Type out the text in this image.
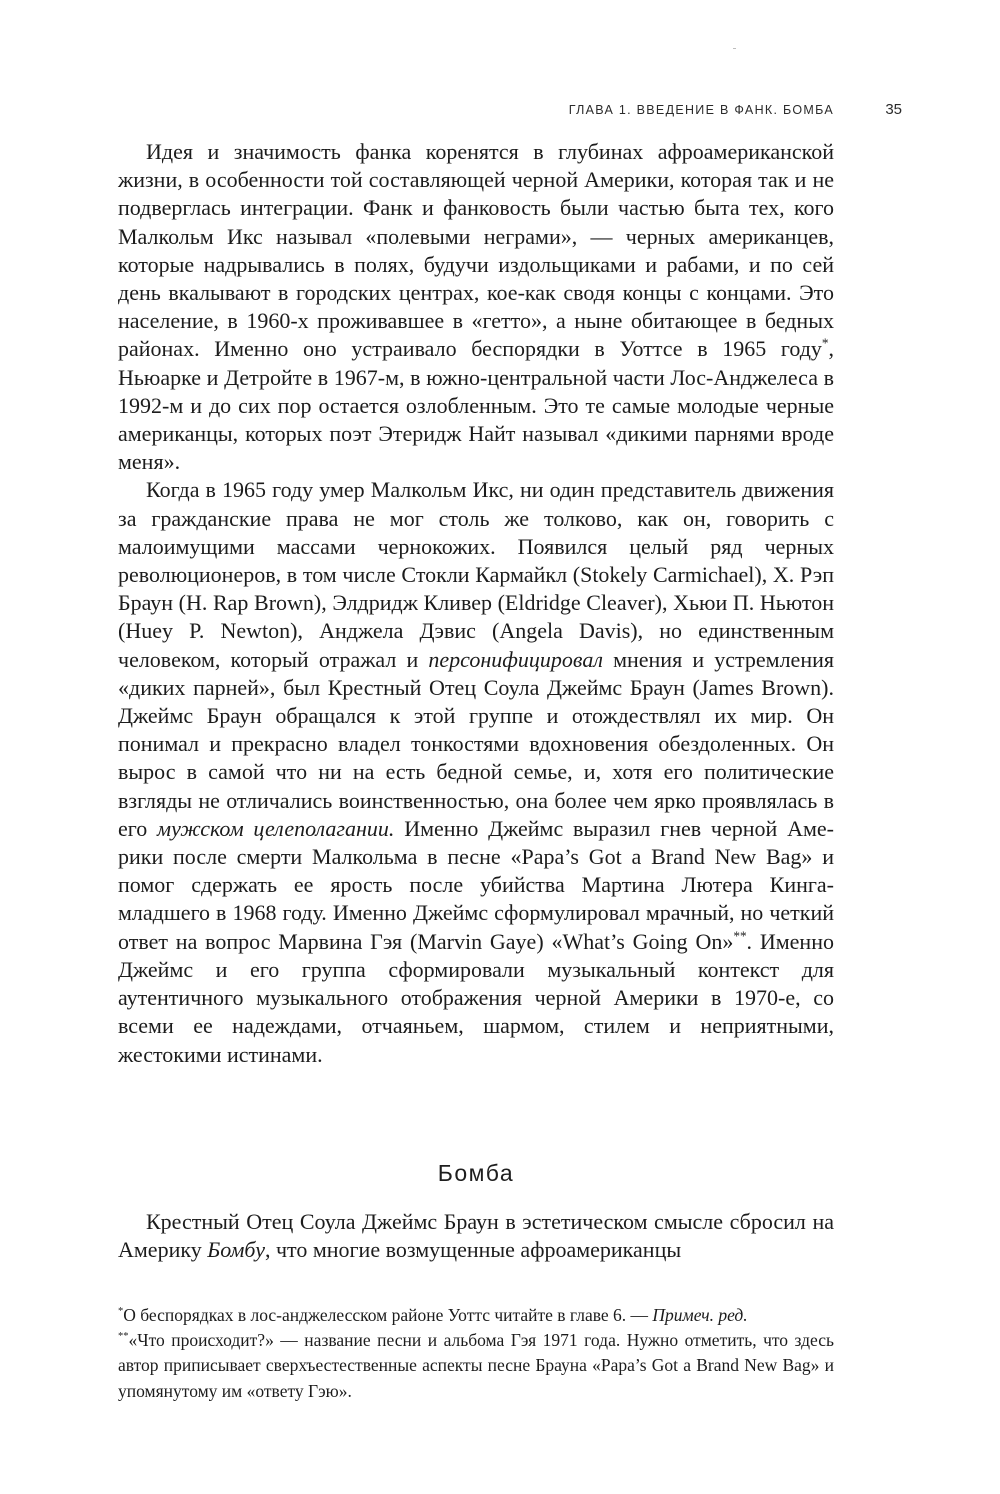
ГЛАВА 1. ВВЕДЕНИЕ В ФАНК. БОМБА	35

Идея и значимость фанка коренятся в глубинах афроамериканской жизни, в особенности той составляющей черной Америки, которая так и не подверглась интеграции. Фанк и фанковость были частью быта тех, кого Малкольм Икс называл «полевыми неграми», — черных американцев, которые надрывались в полях, будучи издольщиками и рабами, и по сей день вкалывают в городских центрах, кое-как сводя концы с концами. Это население, в 1960-х проживавшее в «гетто», а ныне обитающее в бедных районах. Именно оно устраивало беспорядки в Уоттсе в 1965 году*, Ньюарке и Детройте в 1967-м, в южно-центральной части Лос-Анджелеса в 1992-м и до сих пор остается озлобленным. Это те самые молодые черные американцы, которых поэт Этеридж Найт называл «дикими парнями вроде меня».

Когда в 1965 году умер Малкольм Икс, ни один представитель движения за гражданские права не мог столь же толково, как он, говорить с малоимущими массами чернокожих. Появился целый ряд черных революционеров, в том числе Стокли Кармайкл (Stokely Carmichael), Х. Рэп Браун (H. Rap Brown), Элдридж Кливер (Eldridge Cleaver), Хьюи П. Ньютон (Huey P. Newton), Анджела Дэвис (Angela Davis), но единственным человеком, который отражал и персонифицировал мнения и устремления «диких парней», был Крестный Отец Соула Джеймс Браун (James Brown). Джеймс Браун обращался к этой группе и отождествлял их мир. Он понимал и прекрасно владел тонкостями вдохновения обездоленных. Он вырос в самой что ни на есть бедной семье, и, хотя его политические взгляды не отличались воинственностью, она более чем ярко проявлялась в его мужском целеполагании. Именно Джеймс выразил гнев черной Америки после смерти Малкольма в песне «Papa’s Got a Brand New Bag» и помог сдержать ее ярость после убийства Мартина Лютера Кинга-младшего в 1968 году. Именно Джеймс сформулировал мрачный, но четкий ответ на вопрос Марвина Гэя (Marvin Gaye) «What’s Going On»**. Именно Джеймс и его группа сформировали музыкальный контекст для аутентичного музыкального отображения черной Америки в 1970-е, со всеми ее надеждами, отчаяньем, шармом, стилем и неприятными, жестокими истинами.

Бомба

Крестный Отец Соула Джеймс Браун в эстетическом смысле сбросил на Америку Бомбу, что многие возмущенные афроамериканцы

*О беспорядках в лос-анджелесском районе Уоттс читайте в главе 6. — Примеч. ред.

**«Что происходит?» — название песни и альбома Гэя 1971 года. Нужно отметить, что здесь автор приписывает сверхъестественные аспекты песне Брауна «Papa’s Got a Brand New Bag» и упомянутому им «ответу Гэю».
